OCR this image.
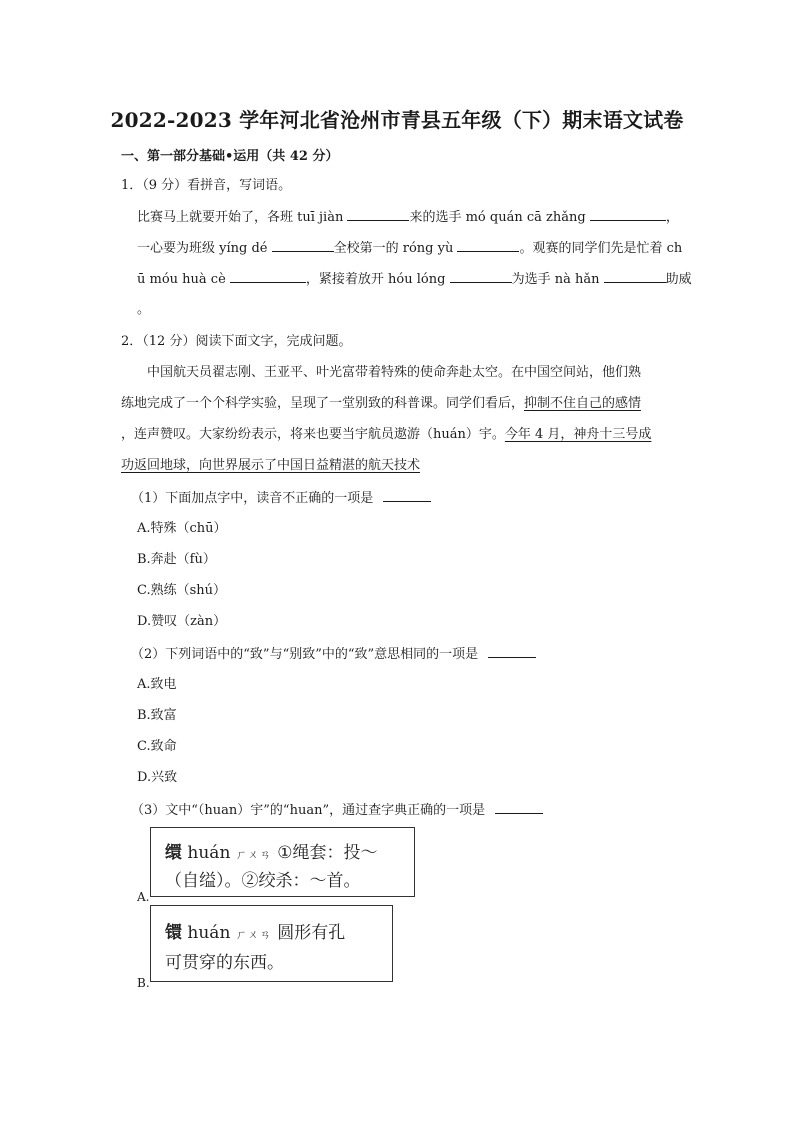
2022-2023 学年河北省沧州市青县五年级（下）期末语文试卷
一、第一部分基础•运用（共 42 分）
1．（9 分）看拼音，写词语。
比赛马上就要开始了，各班 tuī jiàn	来的选手 mó quán cā zhǎng	，
一心要为班级 yíng dé	全校第一的 róng yù	。观赛的同学们先是忙着 ch
ū móu huà cè	，紧接着放开 hóu lóng	为选手 nà hǎn	助威
。
2．（12 分）阅读下面文字，完成问题。
中国航天员翟志刚、王亚平、叶光富带着特殊的使命奔赴太空。在中国空间站，他们熟
练地完成了一个个科学实验，呈现了一堂别致的科普课。同学们看后，抑制不住自己的感情
，连声赞叹。大家纷纷表示，将来也要当宇航员遨游（huán）宇。今年 4 月，神舟十三号成
功返回地球，向世界展示了中国日益精湛的航天技术
（1）下面加点字中，读音不正确的一项是
A.特殊（chū）
B.奔赴（fù）
C.熟练（shú）
D.赞叹（zàn）
（2）下列词语中的“致”与“别致”中的“致”意思相同的一项是
A.致电
B.致富
C.致命
D.兴致
（3）文中“（huan）宇”的“huan”，通过查字典正确的一项是
A.
缳 huán ㄏㄨㄢ ①绳套：投～
（自缢）。②绞杀：～首。
B.
镮 huán ㄏㄨㄢ 圆形有孔
可贯穿的东西。
